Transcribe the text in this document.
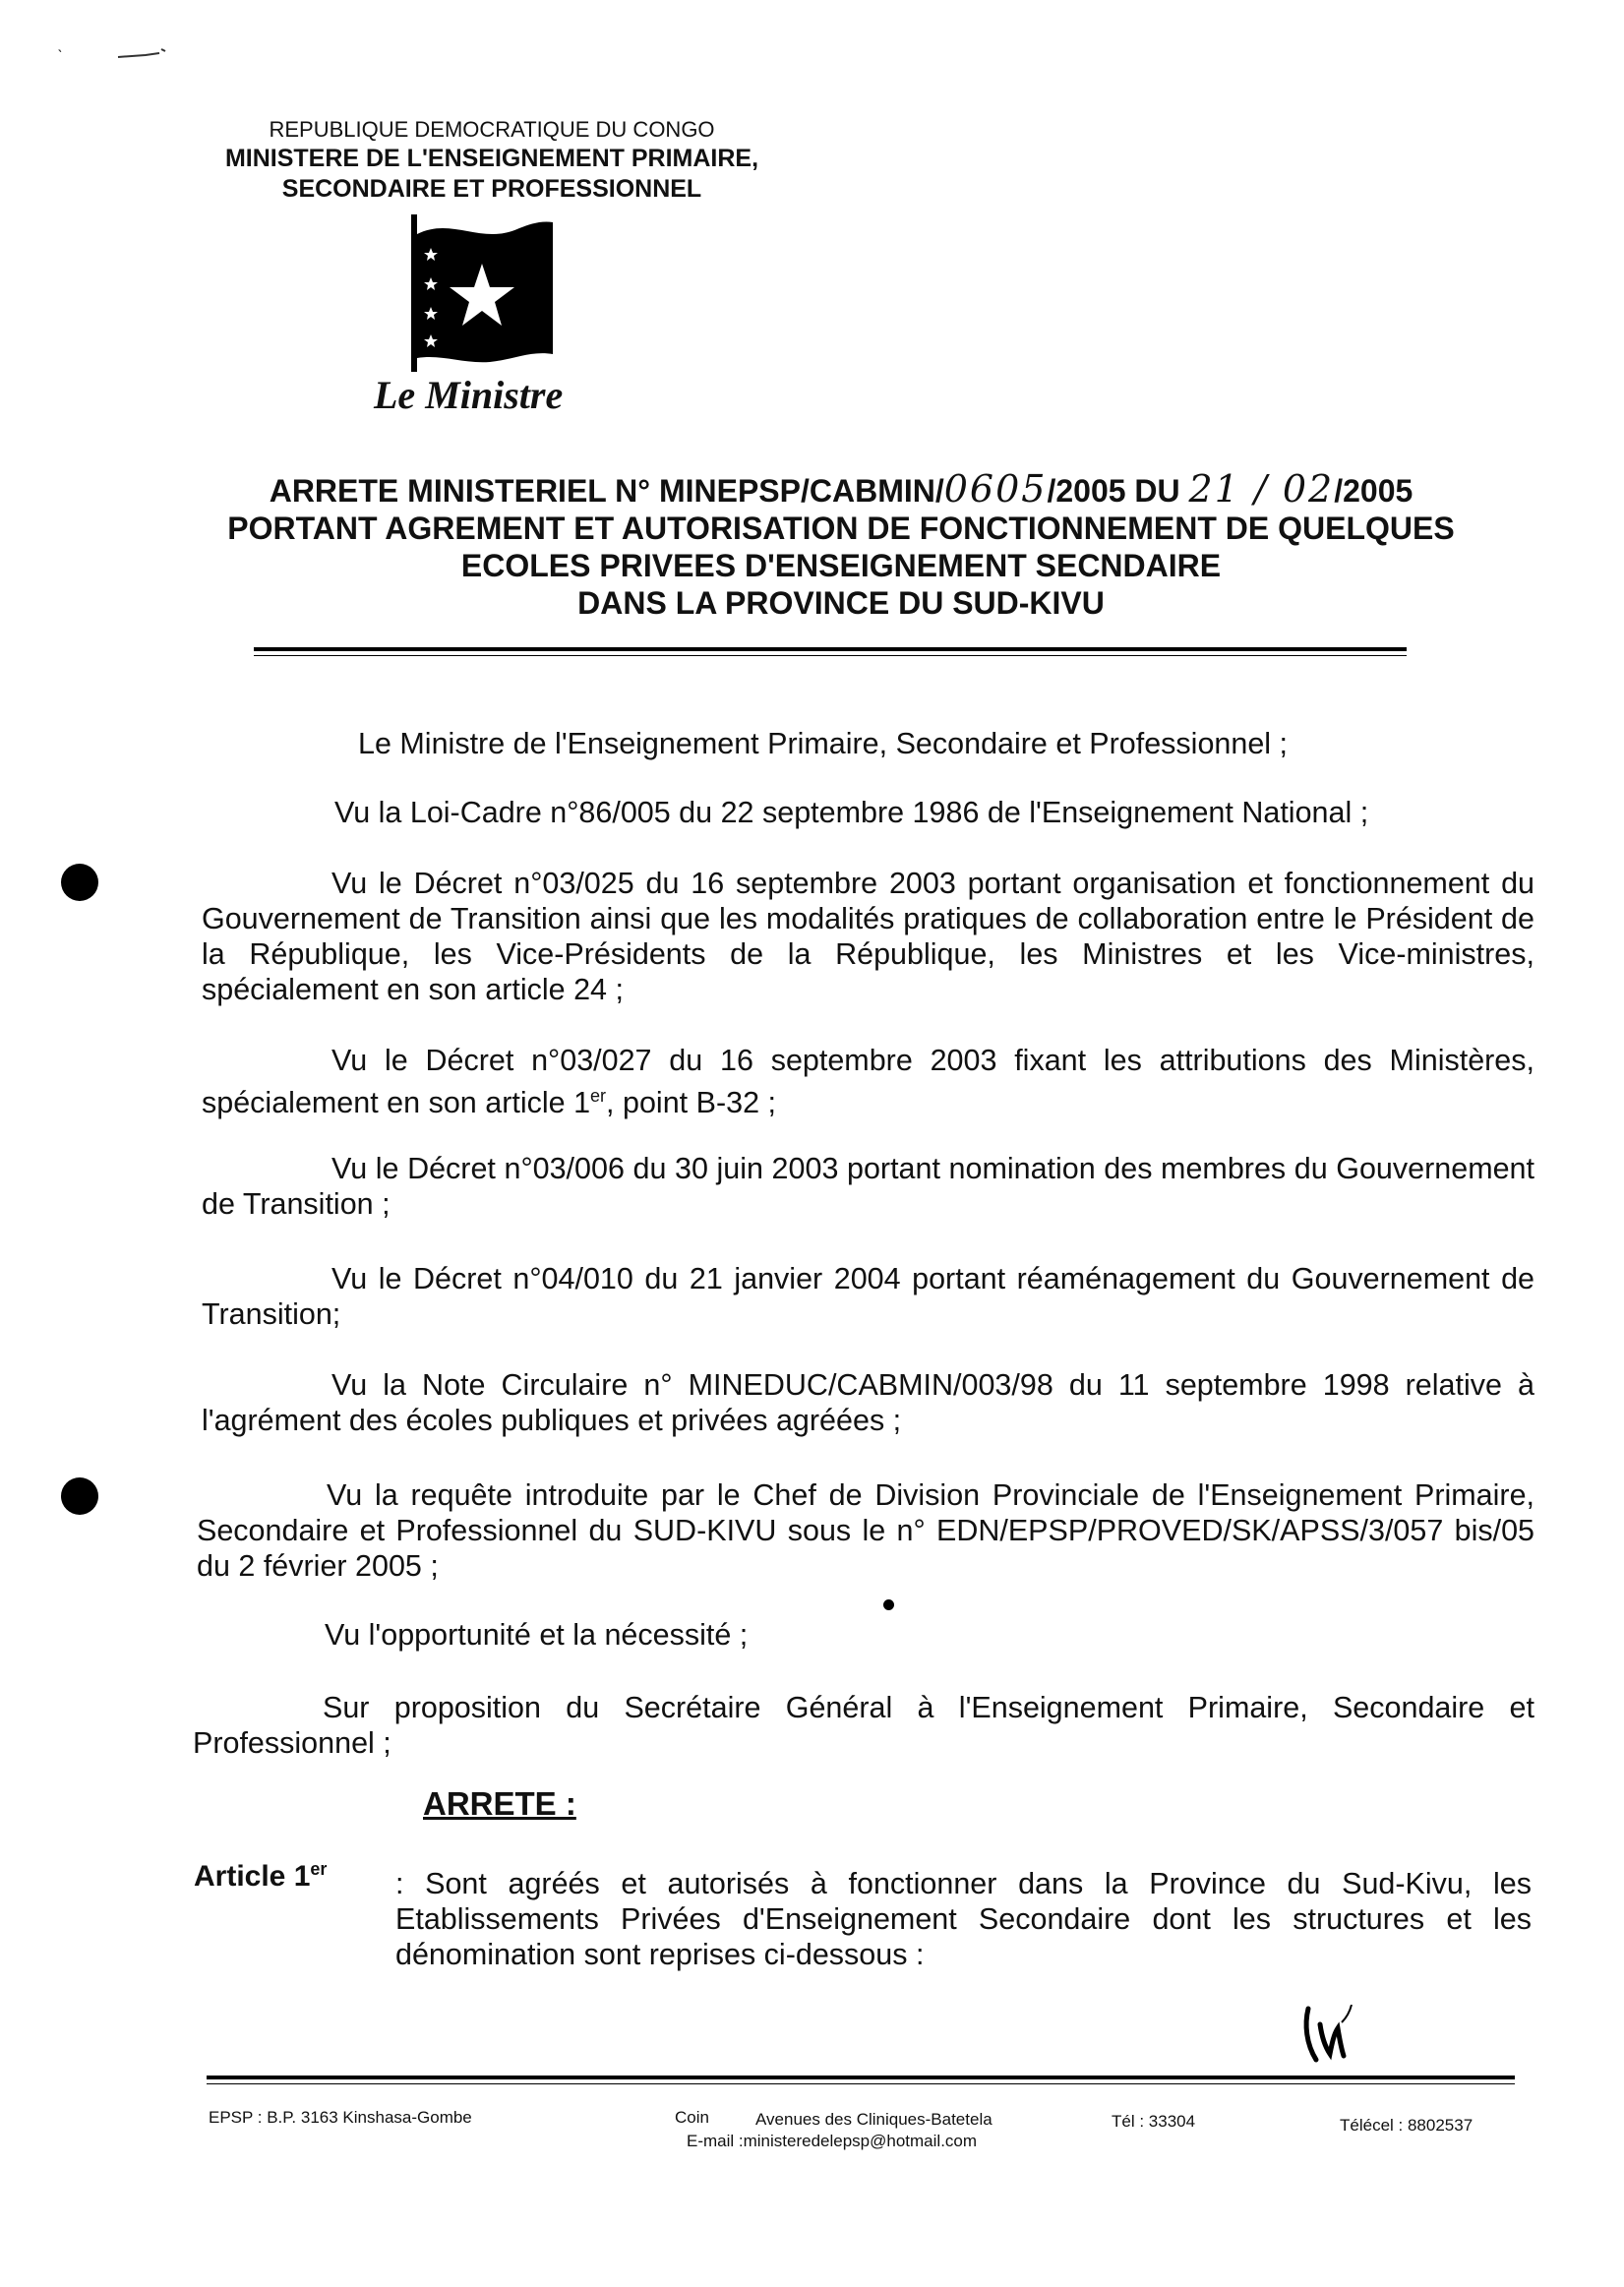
ˋ
REPUBLIQUE DEMOCRATIQUE DU CONGO
MINISTERE DE L'ENSEIGNEMENT PRIMAIRE,
SECONDAIRE ET PROFESSIONNEL
Le Ministre
ARRETE MINISTERIEL N° MINEPSP/CABMIN/0605/2005 DU 21 / 02/2005
PORTANT AGREMENT ET AUTORISATION DE FONCTIONNEMENT DE QUELQUES
ECOLES PRIVEES D'ENSEIGNEMENT SECNDAIRE
DANS LA PROVINCE DU SUD-KIVU

Le Ministre de l'Enseignement Primaire, Secondaire et Professionnel ;

Vu la Loi-Cadre n°86/005 du 22 septembre 1986 de l'Enseignement National ;

Vu le Décret n°03/025 du 16 septembre 2003 portant organisation et fonctionnement du Gouvernement de Transition ainsi que les modalités pratiques de collaboration entre le Président de la République, les Vice-Présidents de la République, les Ministres et les Vice-ministres, spécialement en son article 24 ;

Vu le Décret n°03/027 du 16 septembre 2003 fixant les attributions des Ministères, spécialement en son article 1er, point B-32 ;

Vu le Décret n°03/006 du 30 juin 2003 portant nomination des membres du Gouvernement de Transition ;

Vu le Décret n°04/010 du 21 janvier 2004 portant réaménagement du Gouvernement de Transition;

Vu la Note Circulaire n° MINEDUC/CABMIN/003/98 du 11 septembre 1998 relative à l'agrément des écoles publiques et privées agréées ;

Vu la requête introduite par le Chef de Division Provinciale de l'Enseignement Primaire, Secondaire et Professionnel du SUD-KIVU sous le n° EDN/EPSP/PROVED/SK/APSS/3/057 bis/05 du 2 février 2005 ;

Vu l'opportunité et la nécessité ;

Sur proposition du Secrétaire Général à l'Enseignement Primaire, Secondaire et Professionnel ;

ARRETE :
Article 1er : Sont agréés et autorisés à fonctionner dans la Province du Sud-Kivu, les Etablissements Privées d'Enseignement Secondaire dont les structures et les dénomination sont reprises ci-dessous :
EPSP : B.P. 3163 Kinshasa-Gombe	Coin	Avenues des Cliniques-Batetela
E-mail :ministeredelepsp@hotmail.com
Tél : 33304	Télécel : 8802537
